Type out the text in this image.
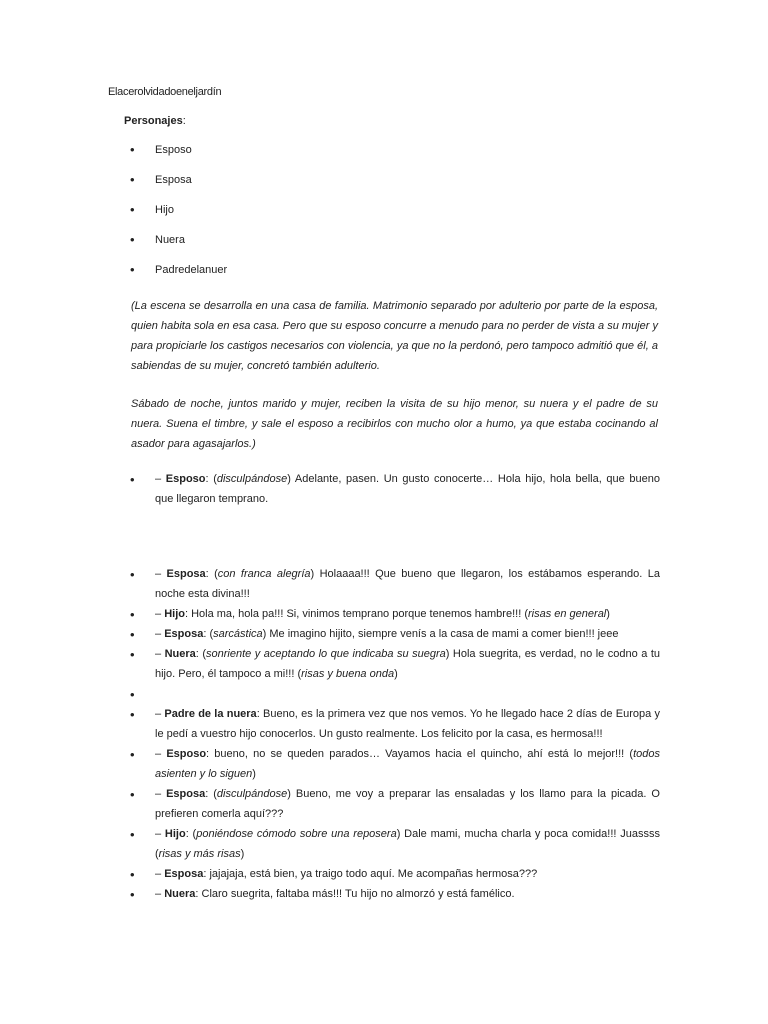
Elacerolvidadoeneljardín
Personajes:
• Esposo
• Esposa
• Hijo
• Nuera
• Padredelanuer
(La escena se desarrolla en una casa de familia. Matrimonio separado por adulterio por parte de la esposa, quien habita sola en esa casa. Pero que su esposo concurre a menudo para no perder de vista a su mujer y para propiciarle los castigos necesarios con violencia, ya que no la perdonó, pero tampoco admitió que él, a sabiendas de su mujer, concretó también adulterio.
Sábado de noche, juntos marido y mujer, reciben la visita de su hijo menor, su nuera y el padre de su nuera. Suena el timbre, y sale el esposo a recibirlos con mucho olor a humo, ya que estaba cocinando al asador para agasajarlos.)
• – Esposo: (disculpándose) Adelante, pasen. Un gusto conocerte… Hola hijo, hola bella, que bueno que llegaron temprano.
• – Esposa: (con franca alegría) Holaaaa!!! Que bueno que llegaron, los estábamos esperando. La noche esta divina!!!
• – Hijo: Hola ma, hola pa!!! Si, vinimos temprano porque tenemos hambre!!! (risas en general)
• – Esposa: (sarcástica) Me imagino hijito, siempre venís a la casa de mami a comer bien!!! jeee
• – Nuera: (sonriente y aceptando lo que indicaba su suegra) Hola suegrita, es verdad, no le codno a tu hijo. Pero, él tampoco a mi!!! (risas y buena onda)
•

• – Padre de la nuera: Bueno, es la primera vez que nos vemos. Yo he llegado hace 2 días de Europa y le pedí a vuestro hijo conocerlos. Un gusto realmente. Los felicito por la casa, es hermosa!!!
• – Esposo: bueno, no se queden parados… Vayamos hacia el quincho, ahí está lo mejor!!! (todos asienten y lo siguen)
• – Esposa: (disculpándose) Bueno, me voy a preparar las ensaladas y los llamo para la picada. O prefieren comerla aquí???
• – Hijo: (poniéndose cómodo sobre una reposera) Dale mami, mucha charla y poca comida!!! Juassss (risas y más risas)
• – Esposa: jajajaja, está bien, ya traigo todo aquí. Me acompañas hermosa???
• – Nuera: Claro suegrita, faltaba más!!! Tu hijo no almorzó y está famélico.
